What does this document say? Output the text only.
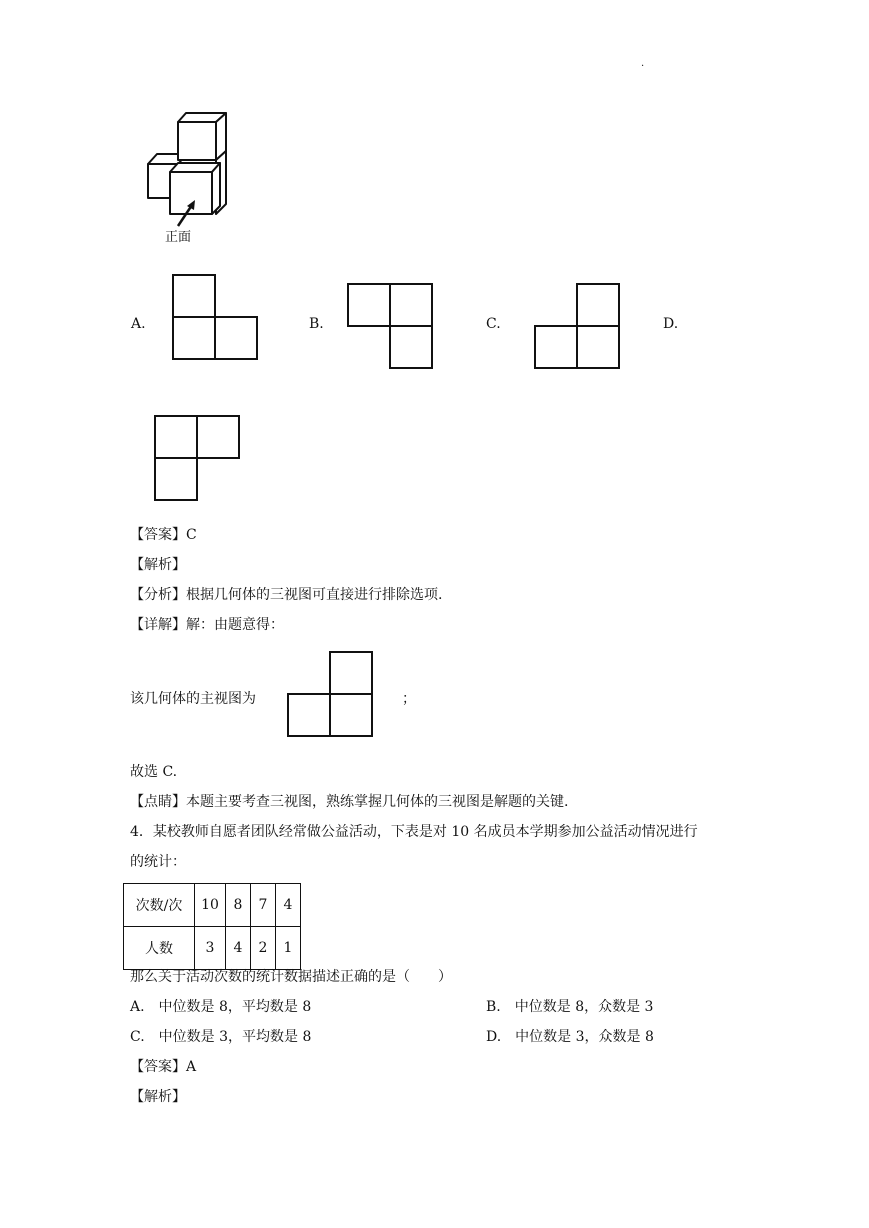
.
正面
A.	B.	C.	D.
【答案】C
【解析】
【分析】根据几何体的三视图可直接进行排除选项.
【详解】解：由题意得：
该几何体的主视图为	；
故选 C.
【点睛】本题主要考查三视图，熟练掌握几何体的三视图是解题的关键.
4．某校教师自愿者团队经常做公益活动，下表是对 10 名成员本学期参加公益活动情况进行
的统计：
次数/次	10	8	7	4
人数	3	4	2	1
那么关于活动次数的统计数据描述正确的是（　　）
A.　中位数是 8，平均数是 8	B.　中位数是 8，众数是 3
C.　中位数是 3，平均数是 8	D.　中位数是 3，众数是 8
【答案】A
【解析】
